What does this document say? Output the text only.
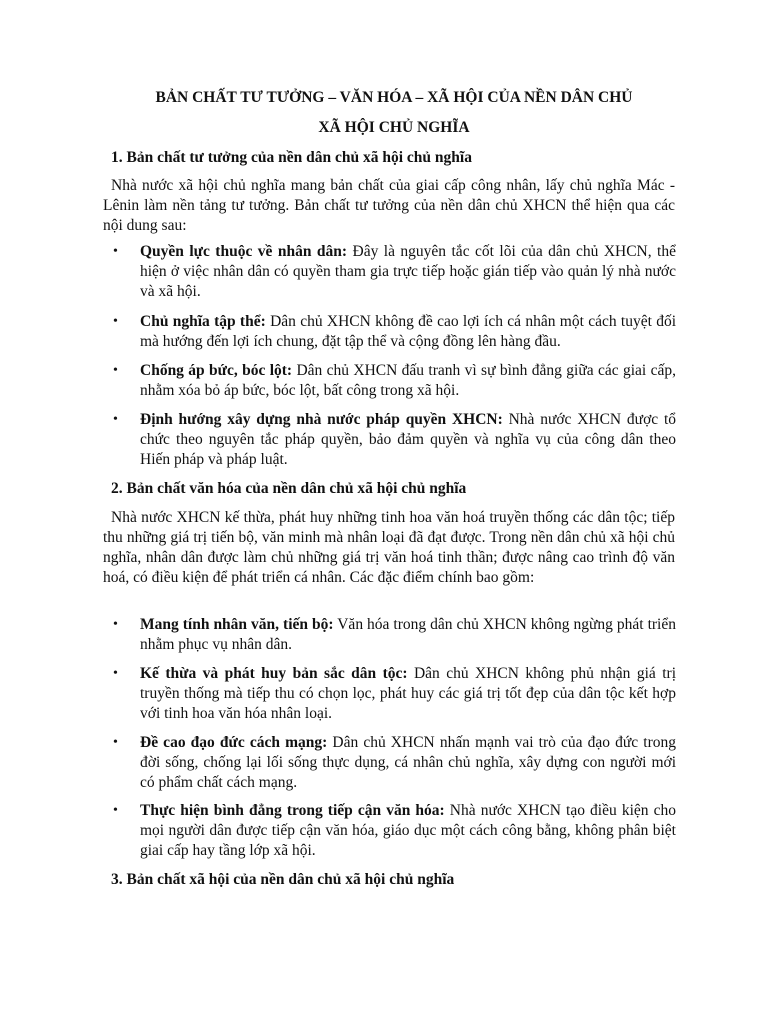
BẢN CHẤT TƯ TƯỞNG – VĂN HÓA – XÃ HỘI CỦA NỀN DÂN CHỦ

XÃ HỘI CHỦ NGHĨA

1. Bản chất tư tưởng của nền dân chủ xã hội chủ nghĩa

Nhà nước xã hội chủ nghĩa mang bản chất của giai cấp công nhân, lấy chủ nghĩa Mác - Lênin làm nền tảng tư tưởng. Bản chất tư tưởng của nền dân chủ XHCN thể hiện qua các nội dung sau:

• Quyền lực thuộc về nhân dân: Đây là nguyên tắc cốt lõi của dân chủ XHCN, thể hiện ở việc nhân dân có quyền tham gia trực tiếp hoặc gián tiếp vào quản lý nhà nước và xã hội.
• Chủ nghĩa tập thể: Dân chủ XHCN không đề cao lợi ích cá nhân một cách tuyệt đối mà hướng đến lợi ích chung, đặt tập thể và cộng đồng lên hàng đầu.
• Chống áp bức, bóc lột: Dân chủ XHCN đấu tranh vì sự bình đẳng giữa các giai cấp, nhằm xóa bỏ áp bức, bóc lột, bất công trong xã hội.
• Định hướng xây dựng nhà nước pháp quyền XHCN: Nhà nước XHCN được tổ chức theo nguyên tắc pháp quyền, bảo đảm quyền và nghĩa vụ của công dân theo Hiến pháp và pháp luật.

2. Bản chất văn hóa của nền dân chủ xã hội chủ nghĩa

Nhà nước XHCN kế thừa, phát huy những tinh hoa văn hoá truyền thống các dân tộc; tiếp thu những giá trị tiến bộ, văn minh mà nhân loại đã đạt được. Trong nền dân chủ xã hội chủ nghĩa, nhân dân được làm chủ những giá trị văn hoá tinh thần; được nâng cao trình độ văn hoá, có điều kiện để phát triển cá nhân. Các đặc điểm chính bao gồm:

• Mang tính nhân văn, tiến bộ: Văn hóa trong dân chủ XHCN không ngừng phát triển nhằm phục vụ nhân dân.
• Kế thừa và phát huy bản sắc dân tộc: Dân chủ XHCN không phủ nhận giá trị truyền thống mà tiếp thu có chọn lọc, phát huy các giá trị tốt đẹp của dân tộc kết hợp với tinh hoa văn hóa nhân loại.
• Đề cao đạo đức cách mạng: Dân chủ XHCN nhấn mạnh vai trò của đạo đức trong đời sống, chống lại lối sống thực dụng, cá nhân chủ nghĩa, xây dựng con người mới có phẩm chất cách mạng.
• Thực hiện bình đẳng trong tiếp cận văn hóa: Nhà nước XHCN tạo điều kiện cho mọi người dân được tiếp cận văn hóa, giáo dục một cách công bằng, không phân biệt giai cấp hay tầng lớp xã hội.

3. Bản chất xã hội của nền dân chủ xã hội chủ nghĩa
